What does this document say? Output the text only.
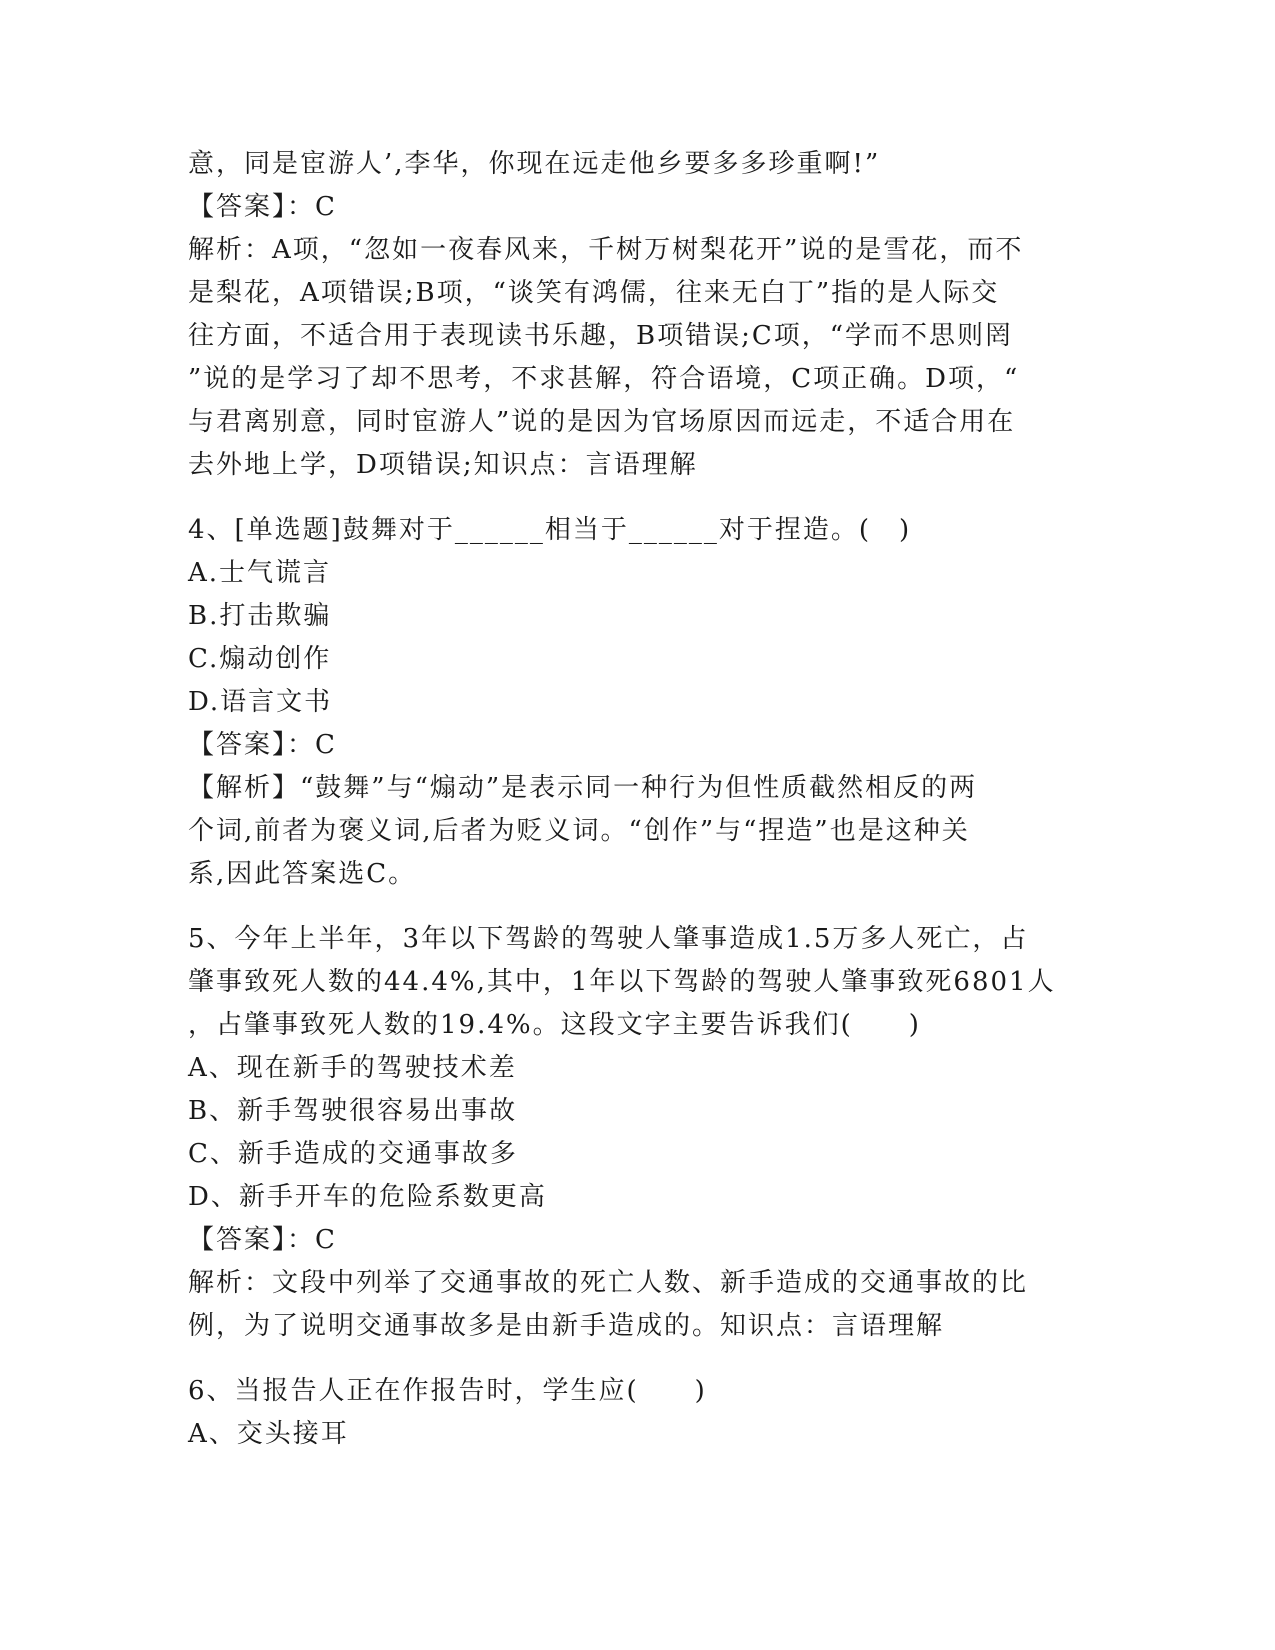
意，同是宦游人’,李华，你现在远走他乡要多多珍重啊!”
【答案】：C
解析：A项，“忽如一夜春风来，千树万树梨花开”说的是雪花，而不
是梨花，A项错误;B项，“谈笑有鸿儒，往来无白丁”指的是人际交
往方面，不适合用于表现读书乐趣，B项错误;C项，“学而不思则罔
”说的是学习了却不思考，不求甚解，符合语境，C项正确。D项，“
与君离别意，同时宦游人”说的是因为官场原因而远走，不适合用在
去外地上学，D项错误;知识点：言语理解
4、[单选题]鼓舞对于______相当于______对于捏造。(　)
A.士气谎言
B.打击欺骗
C.煽动创作
D.语言文书
【答案】：C
【解析】“鼓舞”与“煽动”是表示同一种行为但性质截然相反的两
个词,前者为褒义词,后者为贬义词。“创作”与“捏造”也是这种关
系,因此答案选C。
5、今年上半年，3年以下驾龄的驾驶人肇事造成1.5万多人死亡，占
肇事致死人数的44.4%,其中，1年以下驾龄的驾驶人肇事致死6801人
，占肇事致死人数的19.4%。这段文字主要告诉我们(　　)
A、现在新手的驾驶技术差
B、新手驾驶很容易出事故
C、新手造成的交通事故多
D、新手开车的危险系数更高
【答案】：C
解析：文段中列举了交通事故的死亡人数、新手造成的交通事故的比
例，为了说明交通事故多是由新手造成的。知识点：言语理解
6、当报告人正在作报告时，学生应(　　)
A、交头接耳
